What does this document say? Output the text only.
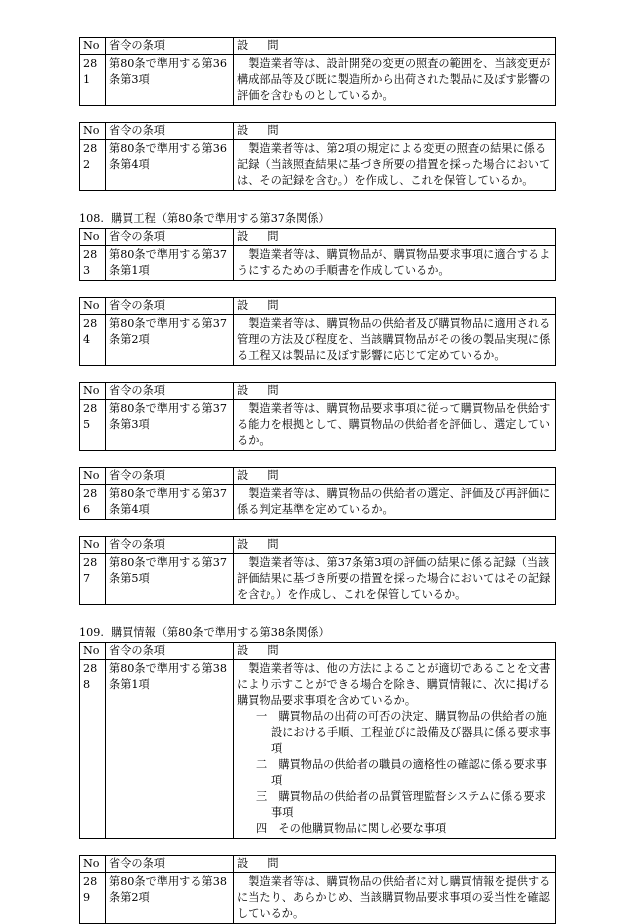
No	省令の条項	設　問
281	第80条で準用する第36条第3項	　製造業者等は、設計開発の変更の照査の範囲を、当該変更が構成部品等及び既に製造所から出荷された製品に及ぼす影響の評価を含むものとしているか。
No	省令の条項	設　問
282	第80条で準用する第36条第4項	　製造業者等は、第2項の規定による変更の照査の結果に係る記録（当該照査結果に基づき所要の措置を採った場合においては、その記録を含む。）を作成し、これを保管しているか。
108.  購買工程（第80条で準用する第37条関係）
No	省令の条項	設　問
283	第80条で準用する第37条第1項	　製造業者等は、購買物品が、購買物品要求事項に適合するようにするための手順書を作成しているか。
No	省令の条項	設　問
284	第80条で準用する第37条第2項	　製造業者等は、購買物品の供給者及び購買物品に適用される管理の方法及び程度を、当該購買物品がその後の製品実現に係る工程又は製品に及ぼす影響に応じて定めているか。
No	省令の条項	設　問
285	第80条で準用する第37条第3項	　製造業者等は、購買物品要求事項に従って購買物品を供給する能力を根拠として、購買物品の供給者を評価し、選定しているか。
No	省令の条項	設　問
286	第80条で準用する第37条第4項	　製造業者等は、購買物品の供給者の選定、評価及び再評価に係る判定基準を定めているか。
No	省令の条項	設　問
287	第80条で準用する第37条第5項	　製造業者等は、第37条第3項の評価の結果に係る記録（当該評価結果に基づき所要の措置を採った場合においてはその記録を含む。）を作成し、これを保管しているか。
109.  購買情報（第80条で準用する第38条関係）
No	省令の条項	設　問
288	第80条で準用する第38条第1項	　製造業者等は、他の方法によることが適切であることを文書により示すことができる場合を除き、購買情報に、次に掲げる購買物品要求事項を含めているか。
一　購買物品の出荷の可否の決定、購買物品の供給者の施設における手順、工程並びに設備及び器具に係る要求事項
二　購買物品の供給者の職員の適格性の確認に係る要求事項
三　購買物品の供給者の品質管理監督システムに係る要求事項
四　その他購買物品に関し必要な事項
No	省令の条項	設　問
289	第80条で準用する第38条第2項	　製造業者等は、購買物品の供給者に対し購買情報を提供するに当たり、あらかじめ、当該購買物品要求事項の妥当性を確認しているか。
